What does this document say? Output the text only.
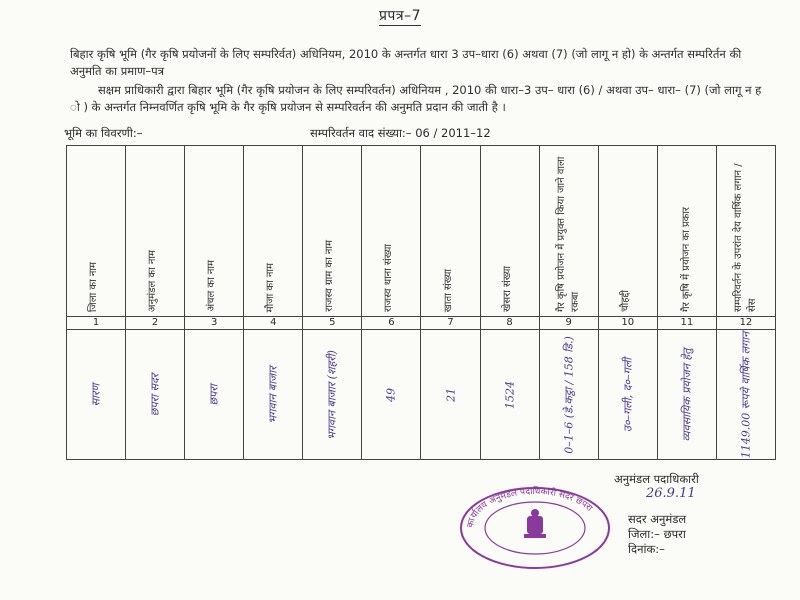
प्रपत्र–7
बिहार कृषि भूमि (गैर कृषि प्रयोजनों के लिए सम्परिर्वत) अधिनियम, 2010 के अन्तर्गत धारा 3 उप–धारा (6) अथवा (7) (जो लागू न हो) के अन्तर्गत सम्परिर्तन की अनुमति का प्रमाण–पत्र
सक्षम प्राधिकारी द्वारा बिहार भूमि (गैर कृषि प्रयोजन के लिए सम्परिवर्तन) अधिनियम , 2010 की धारा–3 उप– धारा (6) / अथवा उप– धारा– (7) (जो लागू न ह ो ) के अन्तर्गत निम्नवर्णित कृषि भूमि के गैर कृषि प्रयोजन से सम्परिवर्तन की अनुमति प्रदान की जाती है ।
भूमि का विवरणी:–	सम्परिवर्तन वाद संख्या:– 06 / 2011–12
जिला का नाम	अनुमंडल का नाम	अंचल का नाम	मौजा का नाम	राजस्व ग्राम का नाम	राजस्व थाना संख्या	खाता संख्या	खेसरा संख्या	गैर कृषि प्रयोजन में प्रयुक्त किया जाने वाला रकबा	चौहद्दी	गैर कृषि में प्रयोजन का प्रकार	सम्परिवर्तन के उपरांत देय वार्षिक लगान / सेस

1	2	3	4	5	6	7	8	9	10	11	12

सारण	छपरा सदर	छपरा	भगवान बाजार	भगवान बाजार (शहरी)	49	21	1524	0–1–6 (डे.कट्ठा / 158 डि.)	उ०–गली, द०–गली	व्यवसायिक प्रयोजन हेतु	1149.00 रूपये वार्षिक लगान
अनुमंडल पदाधिकारी
26.9.11
कार्यालय अनुमंडल पदाधिकारी सदर छपरा
सदर अनुमंडल
जिला:– छपरा
दिनांक:–
